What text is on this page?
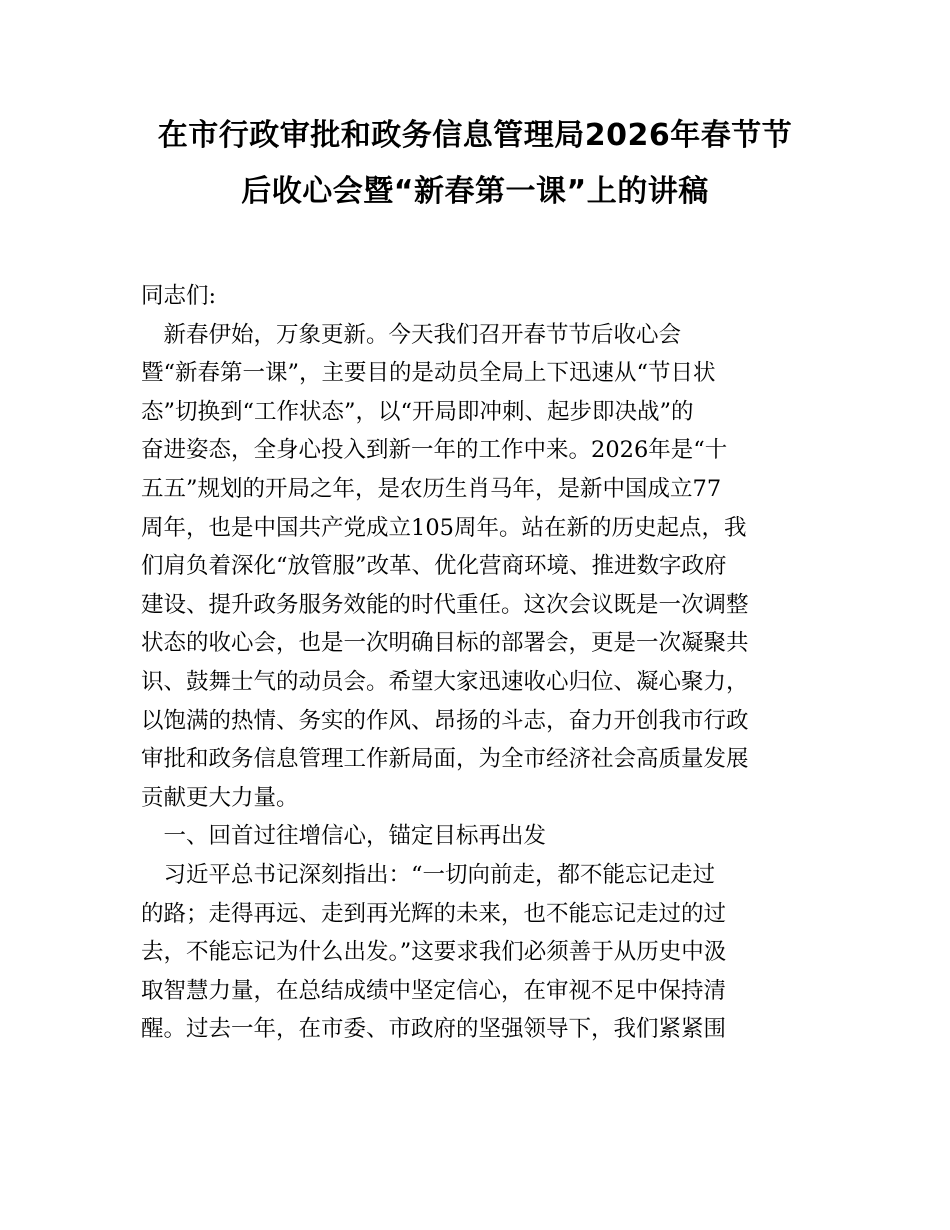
在市行政审批和政务信息管理局2026年春节节
后收心会暨“新春第一课”上的讲稿

同志们:

　新春伊始，万象更新。今天我们召开春节节后收心会

暨“新春第一课”，主要目的是动员全局上下迅速从“节日状

态”切换到“工作状态”，以“开局即冲刺、起步即决战”的

奋进姿态，全身心投入到新一年的工作中来。2026年是“十

五五”规划的开局之年，是农历生肖马年，是新中国成立77

周年，也是中国共产党成立105周年。站在新的历史起点，我

们肩负着深化“放管服”改革、优化营商环境、推进数字政府

建设、提升政务服务效能的时代重任。这次会议既是一次调整

状态的收心会，也是一次明确目标的部署会，更是一次凝聚共

识、鼓舞士气的动员会。希望大家迅速收心归位、凝心聚力，

以饱满的热情、务实的作风、昂扬的斗志，奋力开创我市行政

审批和政务信息管理工作新局面，为全市经济社会高质量发展

贡献更大力量。

　一、回首过往增信心，锚定目标再出发

　习近平总书记深刻指出：“一切向前走，都不能忘记走过

的路；走得再远、走到再光辉的未来，也不能忘记走过的过

去，不能忘记为什么出发。”这要求我们必须善于从历史中汲

取智慧力量，在总结成绩中坚定信心，在审视不足中保持清

醒。过去一年，在市委、市政府的坚强领导下，我们紧紧围
